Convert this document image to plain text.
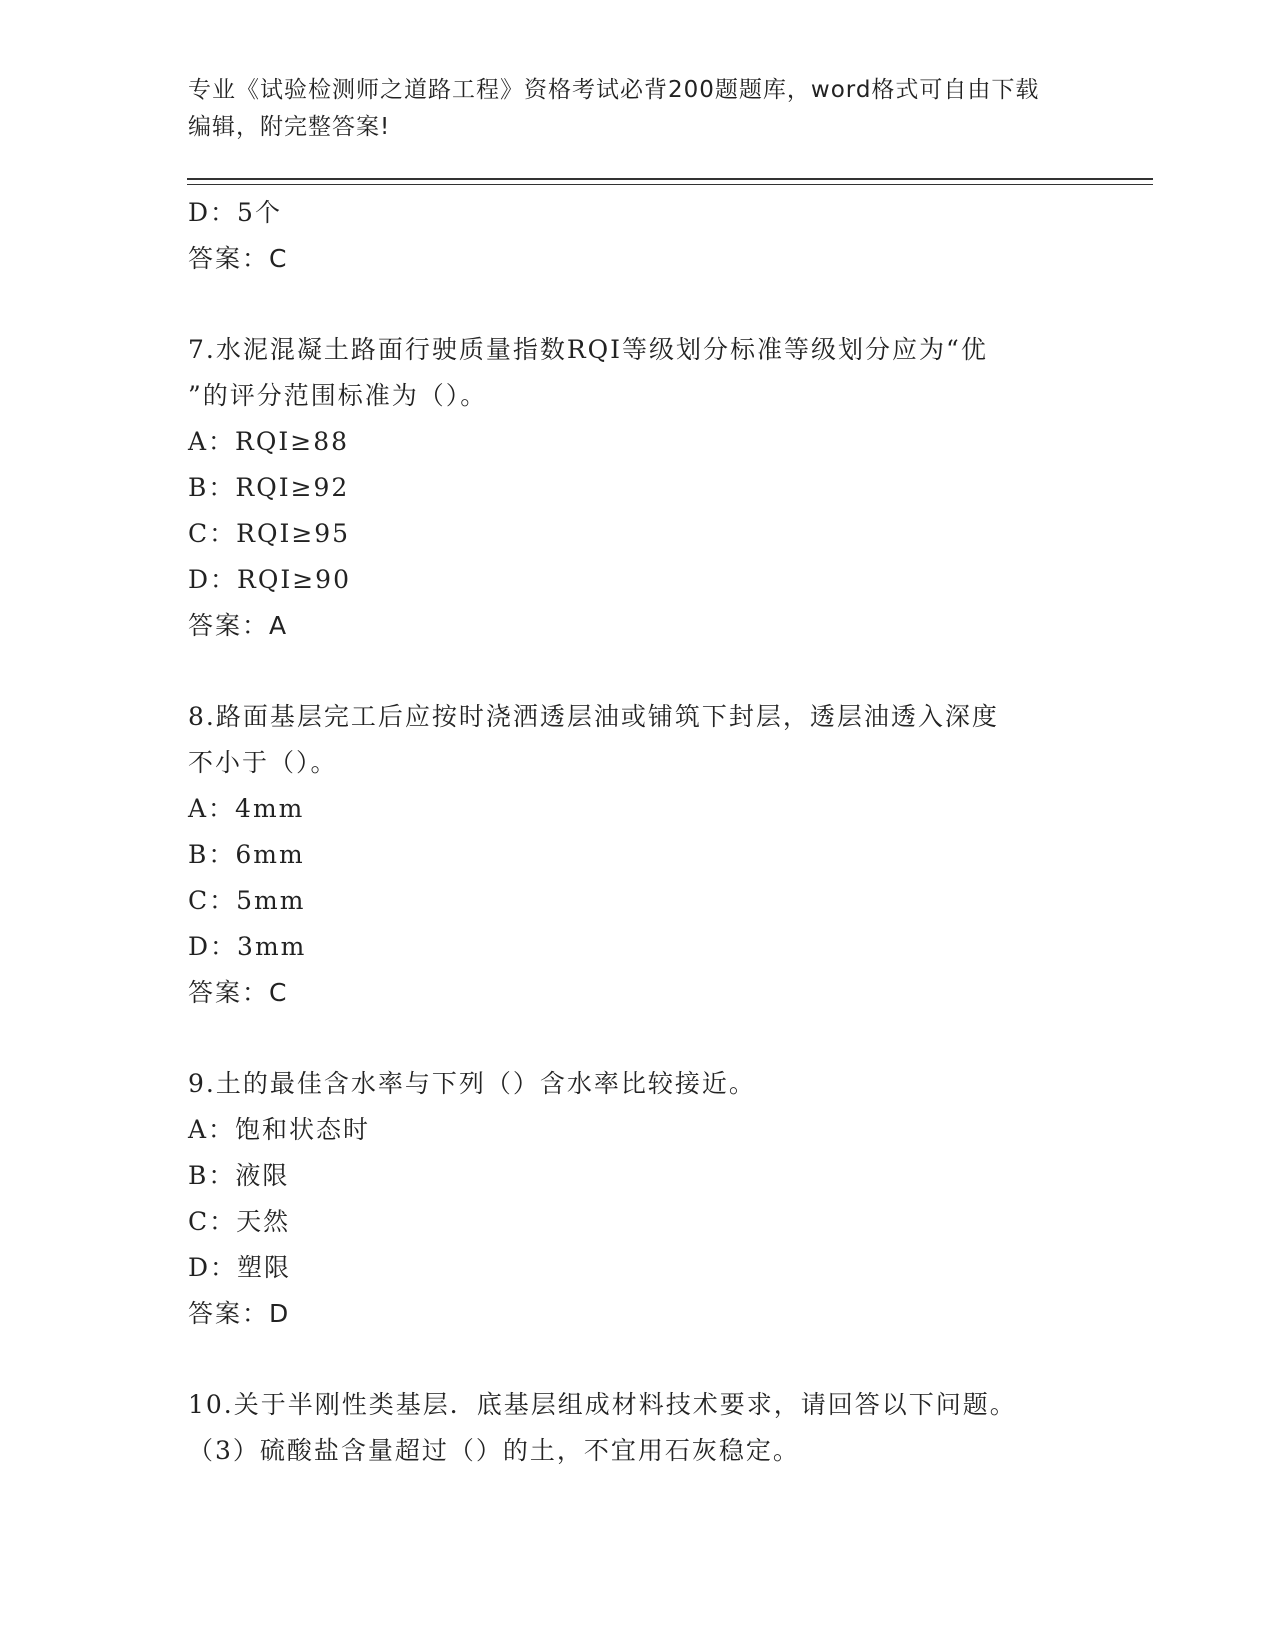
专业《试验检测师之道路工程》资格考试必背200题题库，word格式可自由下载
编辑，附完整答案!
D：5个
答案：C
7.水泥混凝土路面行驶质量指数RQI等级划分标准等级划分应为“优
”的评分范围标准为（）。
A：RQI≥88
B：RQI≥92
C：RQI≥95
D：RQI≥90
答案：A
8.路面基层完工后应按时浇洒透层油或铺筑下封层，透层油透入深度
不小于（）。
A：4mm
B：6mm
C：5mm
D：3mm
答案：C
9.土的最佳含水率与下列（）含水率比较接近。
A：饱和状态时
B：液限
C：天然
D：塑限
答案：D
10.关于半刚性类基层．底基层组成材料技术要求，请回答以下问题。
（3）硫酸盐含量超过（）的土，不宜用石灰稳定。
